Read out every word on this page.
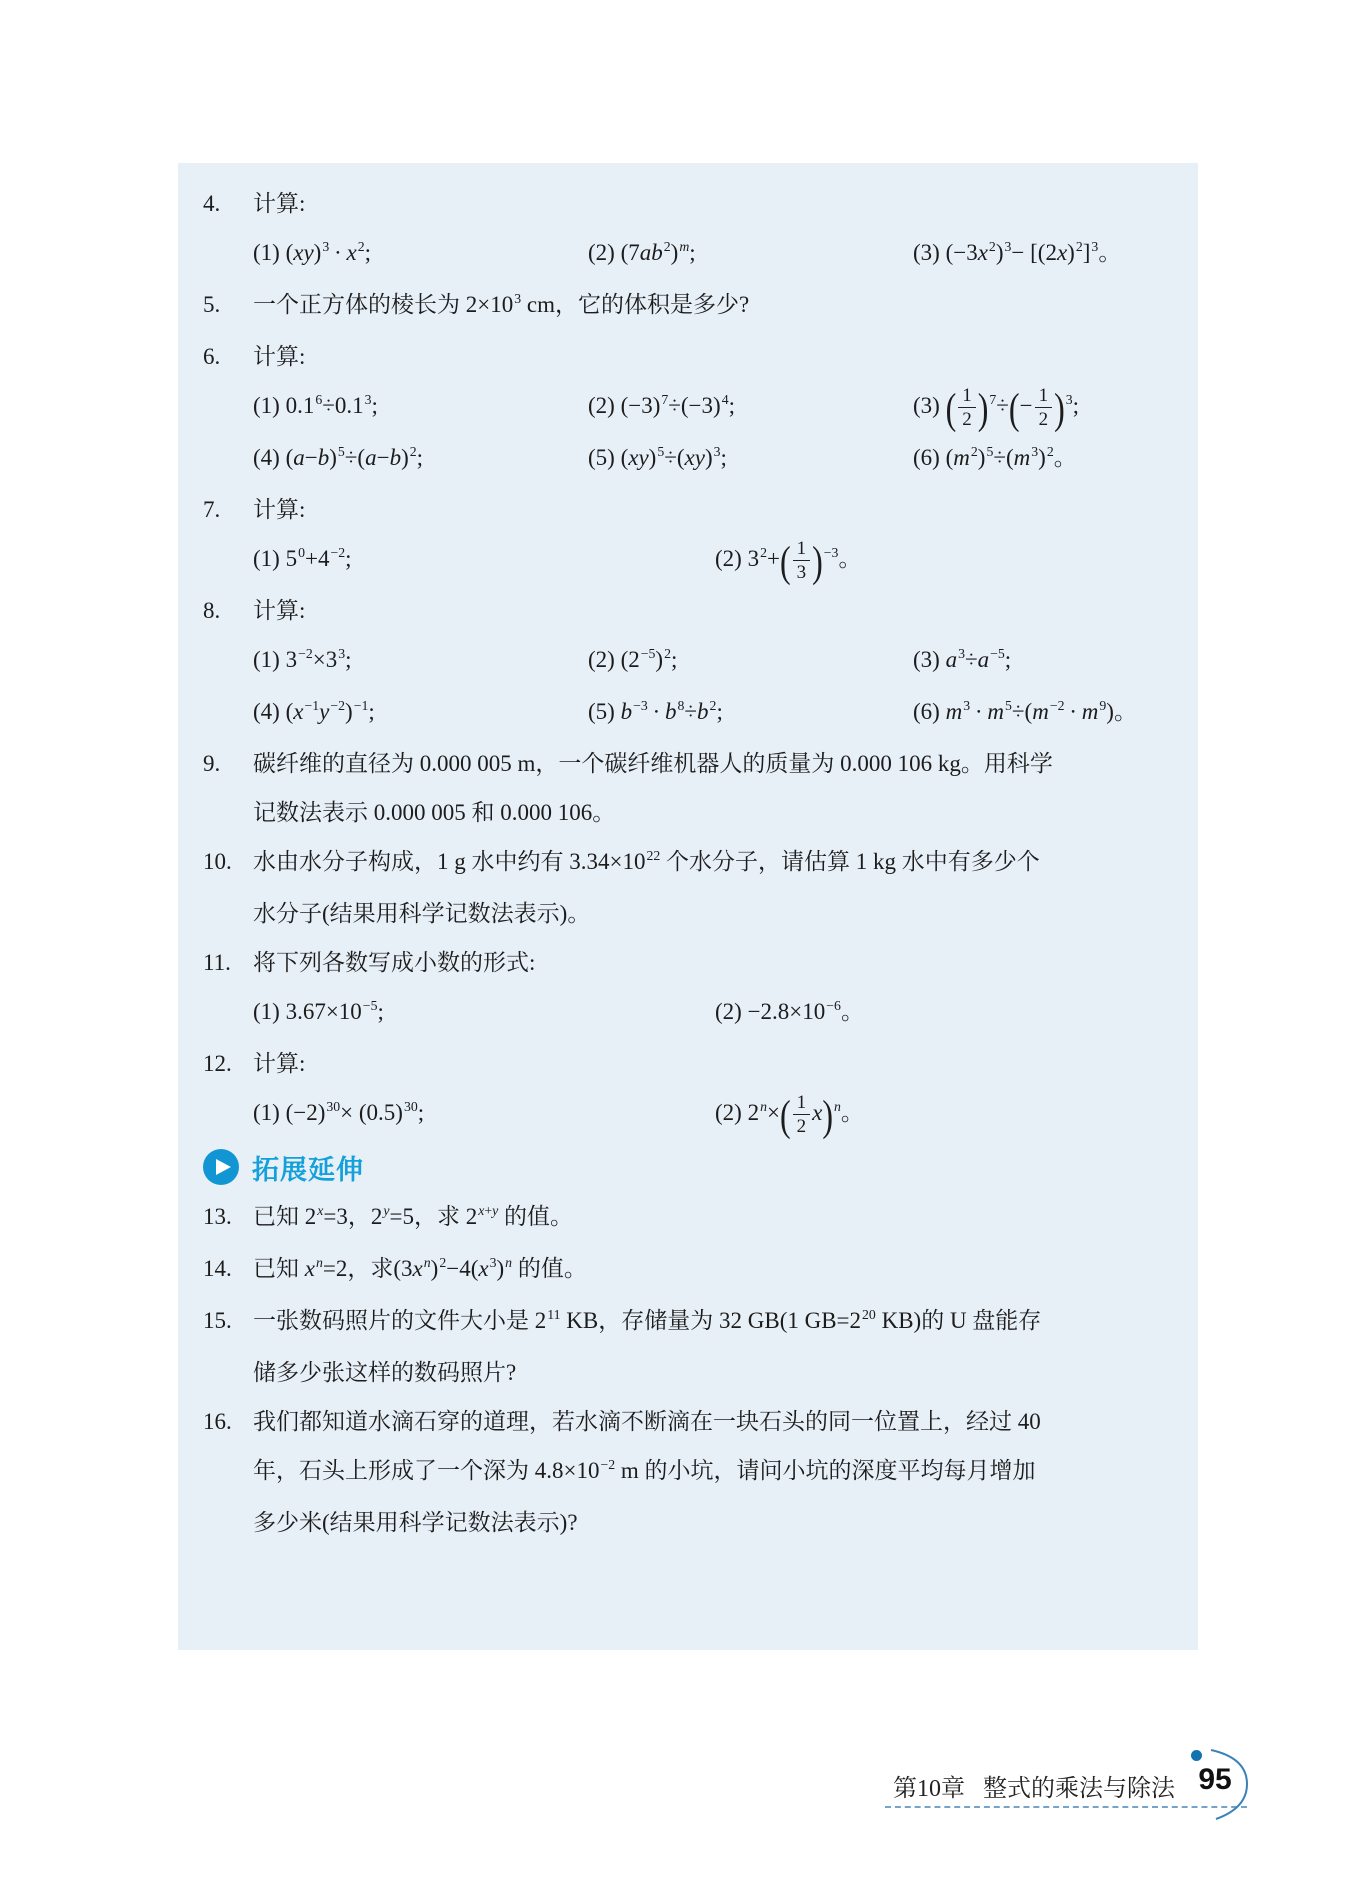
4.	计算:
(1) $(xy)^3 \cdot x^2$;	(2) $(7ab^2)^m$;	(3) $(-3x^2)^3- [(2x)^2]^3$。
5.	一个正方体的棱长为 $2\times 10^3$ cm，它的体积是多少?
6.	计算:
(1) $0.1^6\div 0.1^3$;	(2) $(-3)^7\div(-3)^4$;	(3) ( $\frac{1}{2} )^7\div(- \frac{1}{2} )^3$;
(4) $(a-b)^5\div(a-b)^2$;	(5) (xy)$^5$÷(xy)$^3$;	(6) $(m^2)^5\div(m^3)^2$。
7.	计算:
(1) $5^0+4^{-2}$;	(2) $3^2+( \frac{1}{3} )^{-3}$。
8.	计算:
(1) $3^{-2}\times 3^3$;	(2) $(2^{-5})^2$;	(3) $a^3\div a^{-5}$;
(4) $(x^{-1}y^{-2})^{-1}$;	(5) $b^{-3} \cdot b^8\div b^2$;	(6) $m^3 \cdot m^5\div(m^{-2} \cdot m^9)$。
9.	碳纤维的直径为 0.000 005 m，一个碳纤维机器人的质量为 0.000 106 kg。用科学
记数法表示 0.000 005 和 0.000 106。
10. 水由水分子构成，1 g 水中约有 $3.34\times 10^{22}$ 个水分子，请估算 1 kg 水中有多少个
水分子(结果用科学记数法表示)。
11. 将下列各数写成小数的形式:
(1) $3.67\times 10^{-5}$;	$(2) -2.8\times 10^{-6}$。
12. 计算:
(1) $(-2)^{30}\times (0.5)^{30}$;	(2) $2^n\times( \frac{1}{2} x)^n$。
拓展延伸
13. 已知 $2^x=3$，$2^y=5$，求 $2^{x+y}$ 的值。
14. 已知 $x^n=2$，求$(3x^n)^2-4(x^3)^n$ 的值。
15. 一张数码照片的文件大小是 $2^{11}$ KB，存储量为 32 GB(1 $GB=2^{20}$ KB)的 U 盘能存
储多少张这样的数码照片?
16. 我们都知道水滴石穿的道理，若水滴不断滴在一块石头的同一位置上，经过 40
年，石头上形成了一个深为 $4.8\times 10^{-2}$ m 的小坑，请问小坑的深度平均每月增加
多少米(结果用科学记数法表示)?
第10章 整式的乘法与除法 95
